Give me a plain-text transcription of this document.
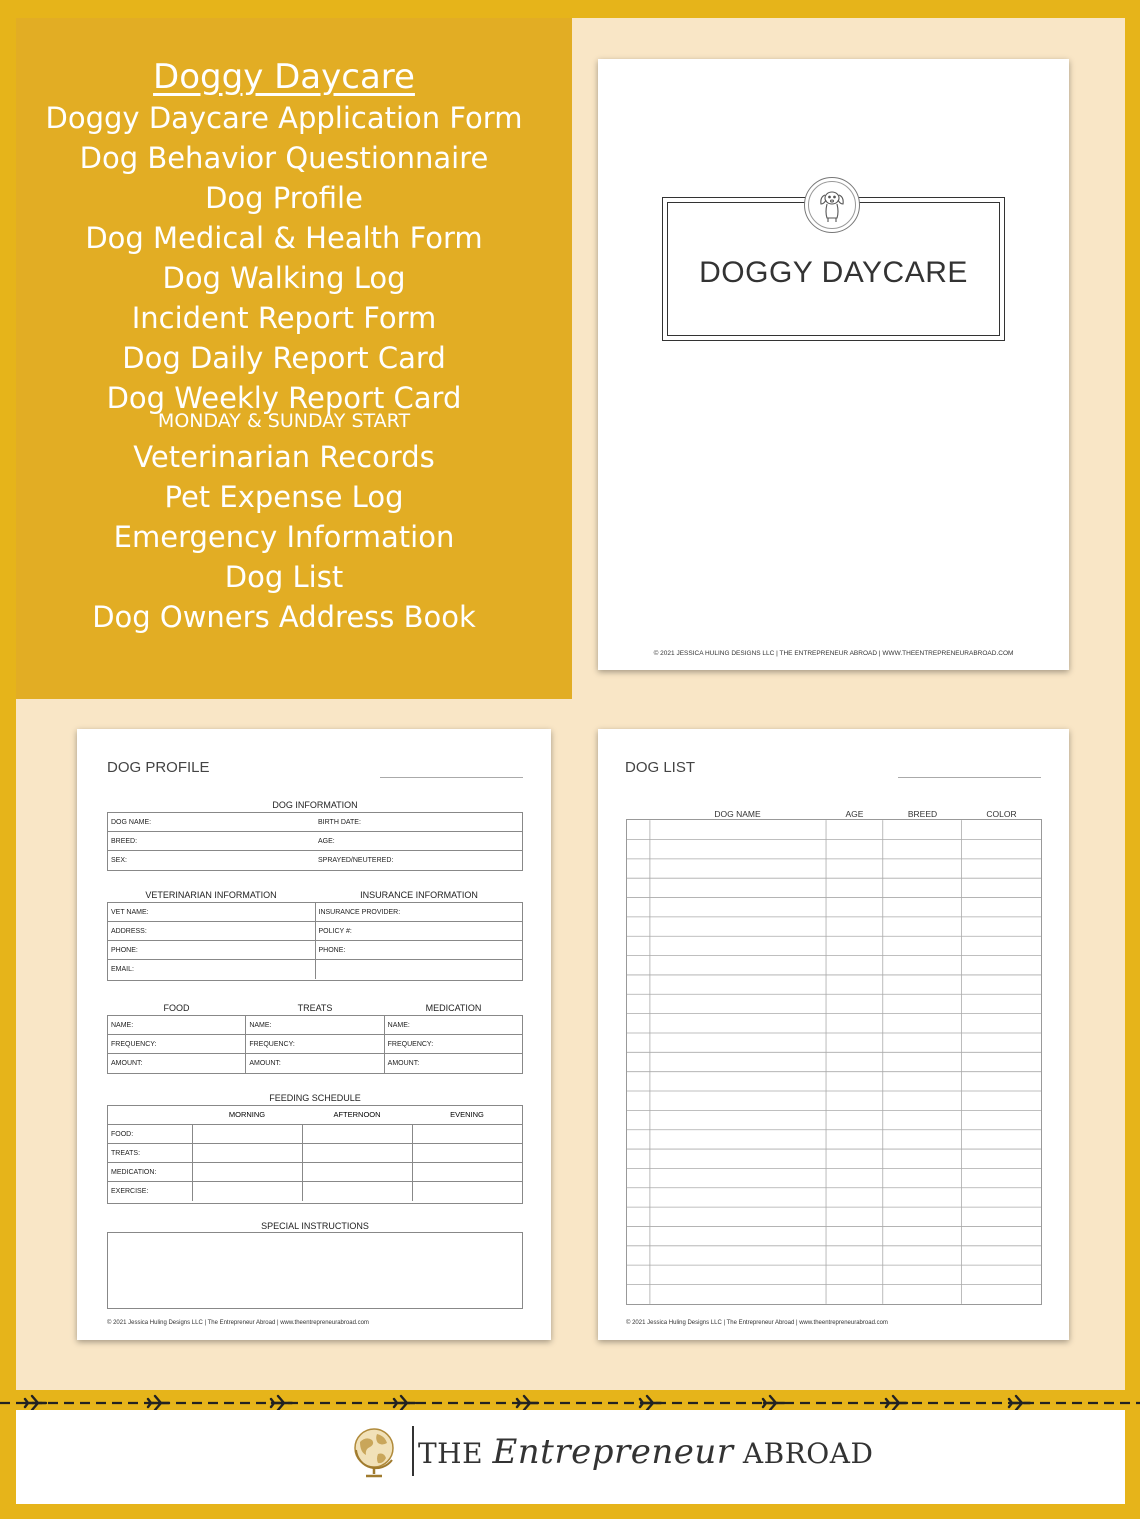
Doggy Daycare
Doggy Daycare Application Form
Dog Behavior Questionnaire
Dog Profile
Dog Medical & Health Form
Dog Walking Log
Incident Report Form
Dog Daily Report Card
Dog Weekly Report Card
MONDAY & SUNDAY START
Veterinarian Records
Pet Expense Log
Emergency Information
Dog List
Dog Owners Address Book
DOGGY DAYCARE
© 2021 JESSICA HULING DESIGNS LLC | THE ENTREPRENEUR ABROAD | WWW.THEENTREPRENEURABROAD.COM
DOG PROFILE
DOG INFORMATION
DOG NAME:	BIRTH DATE:
BREED:	AGE:
SEX:	SPRAYED/NEUTERED:
VETERINARIAN INFORMATION	INSURANCE INFORMATION
VET NAME:	INSURANCE PROVIDER:
ADDRESS:	POLICY #:
PHONE:	PHONE:
EMAIL:
FOOD	TREATS	MEDICATION
NAME:	NAME:	NAME:
FREQUENCY:	FREQUENCY:	FREQUENCY:
AMOUNT:	AMOUNT:	AMOUNT:
FEEDING SCHEDULE
MORNING	AFTERNOON	EVENING
FOOD:
TREATS:
MEDICATION:
EXERCISE:
SPECIAL INSTRUCTIONS
© 2021 Jessica Huling Designs LLC | The Entrepreneur Abroad | www.theentrepreneurabroad.com
DOG LIST
DOG NAME	AGE	BREED	COLOR
© 2021 Jessica Huling Designs LLC | The Entrepreneur Abroad | www.theentrepreneurabroad.com
THE Entrepreneur ABROAD
